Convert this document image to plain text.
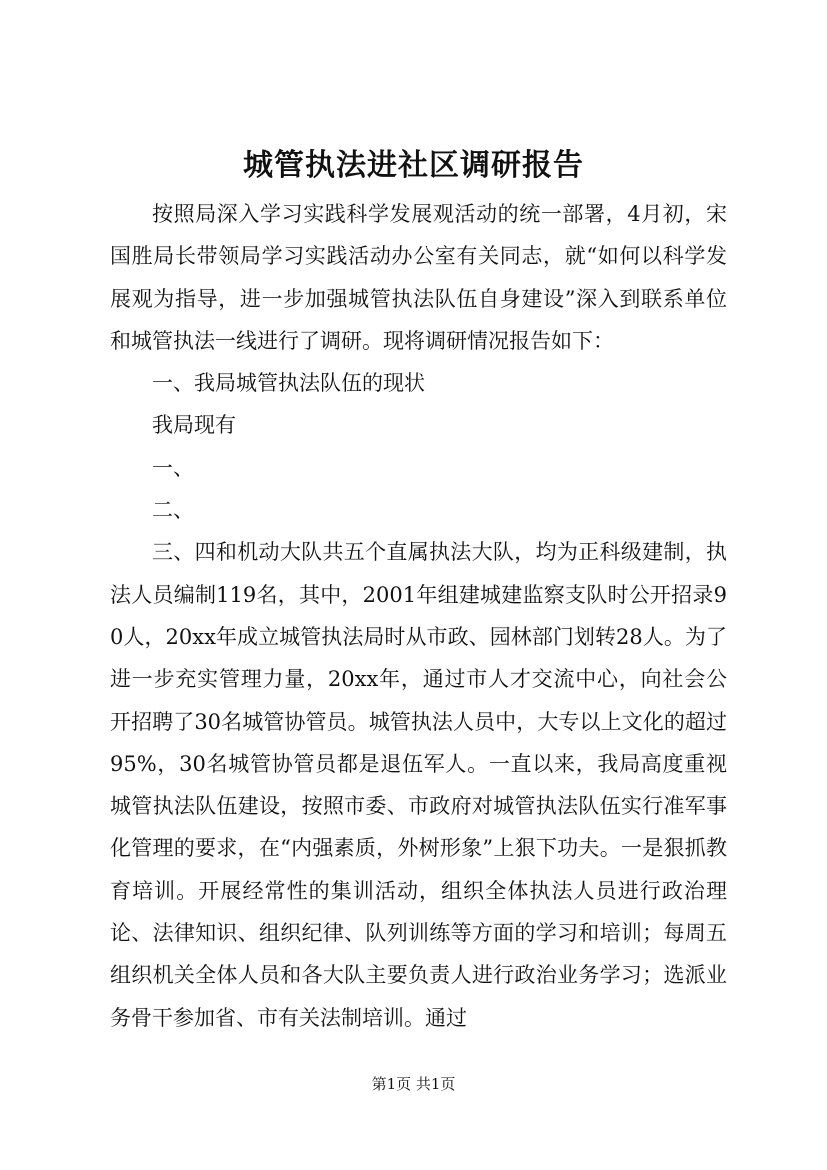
城管执法进社区调研报告

按照局深入学习实践科学发展观活动的统一部署，4月初，宋国胜局长带领局学习实践活动办公室有关同志，就“如何以科学发展观为指导，进一步加强城管执法队伍自身建设”深入到联系单位和城管执法一线进行了调研。现将调研情况报告如下：

一、我局城管执法队伍的现状

我局现有

一、

二、

三、四和机动大队共五个直属执法大队，均为正科级建制，执法人员编制119名，其中，2001年组建城建监察支队时公开招录90人，20xx年成立城管执法局时从市政、园林部门划转28人。为了进一步充实管理力量，20xx年，通过市人才交流中心，向社会公开招聘了30名城管协管员。城管执法人员中，大专以上文化的超过95%，30名城管协管员都是退伍军人。一直以来，我局高度重视城管执法队伍建设，按照市委、市政府对城管执法队伍实行准军事化管理的要求，在“内强素质，外树形象”上狠下功夫。一是狠抓教育培训。开展经常性的集训活动，组织全体执法人员进行政治理论、法律知识、组织纪律、队列训练等方面的学习和培训；每周五组织机关全体人员和各大队主要负责人进行政治业务学习；选派业务骨干参加省、市有关法制培训。通过

第1页 共1页
